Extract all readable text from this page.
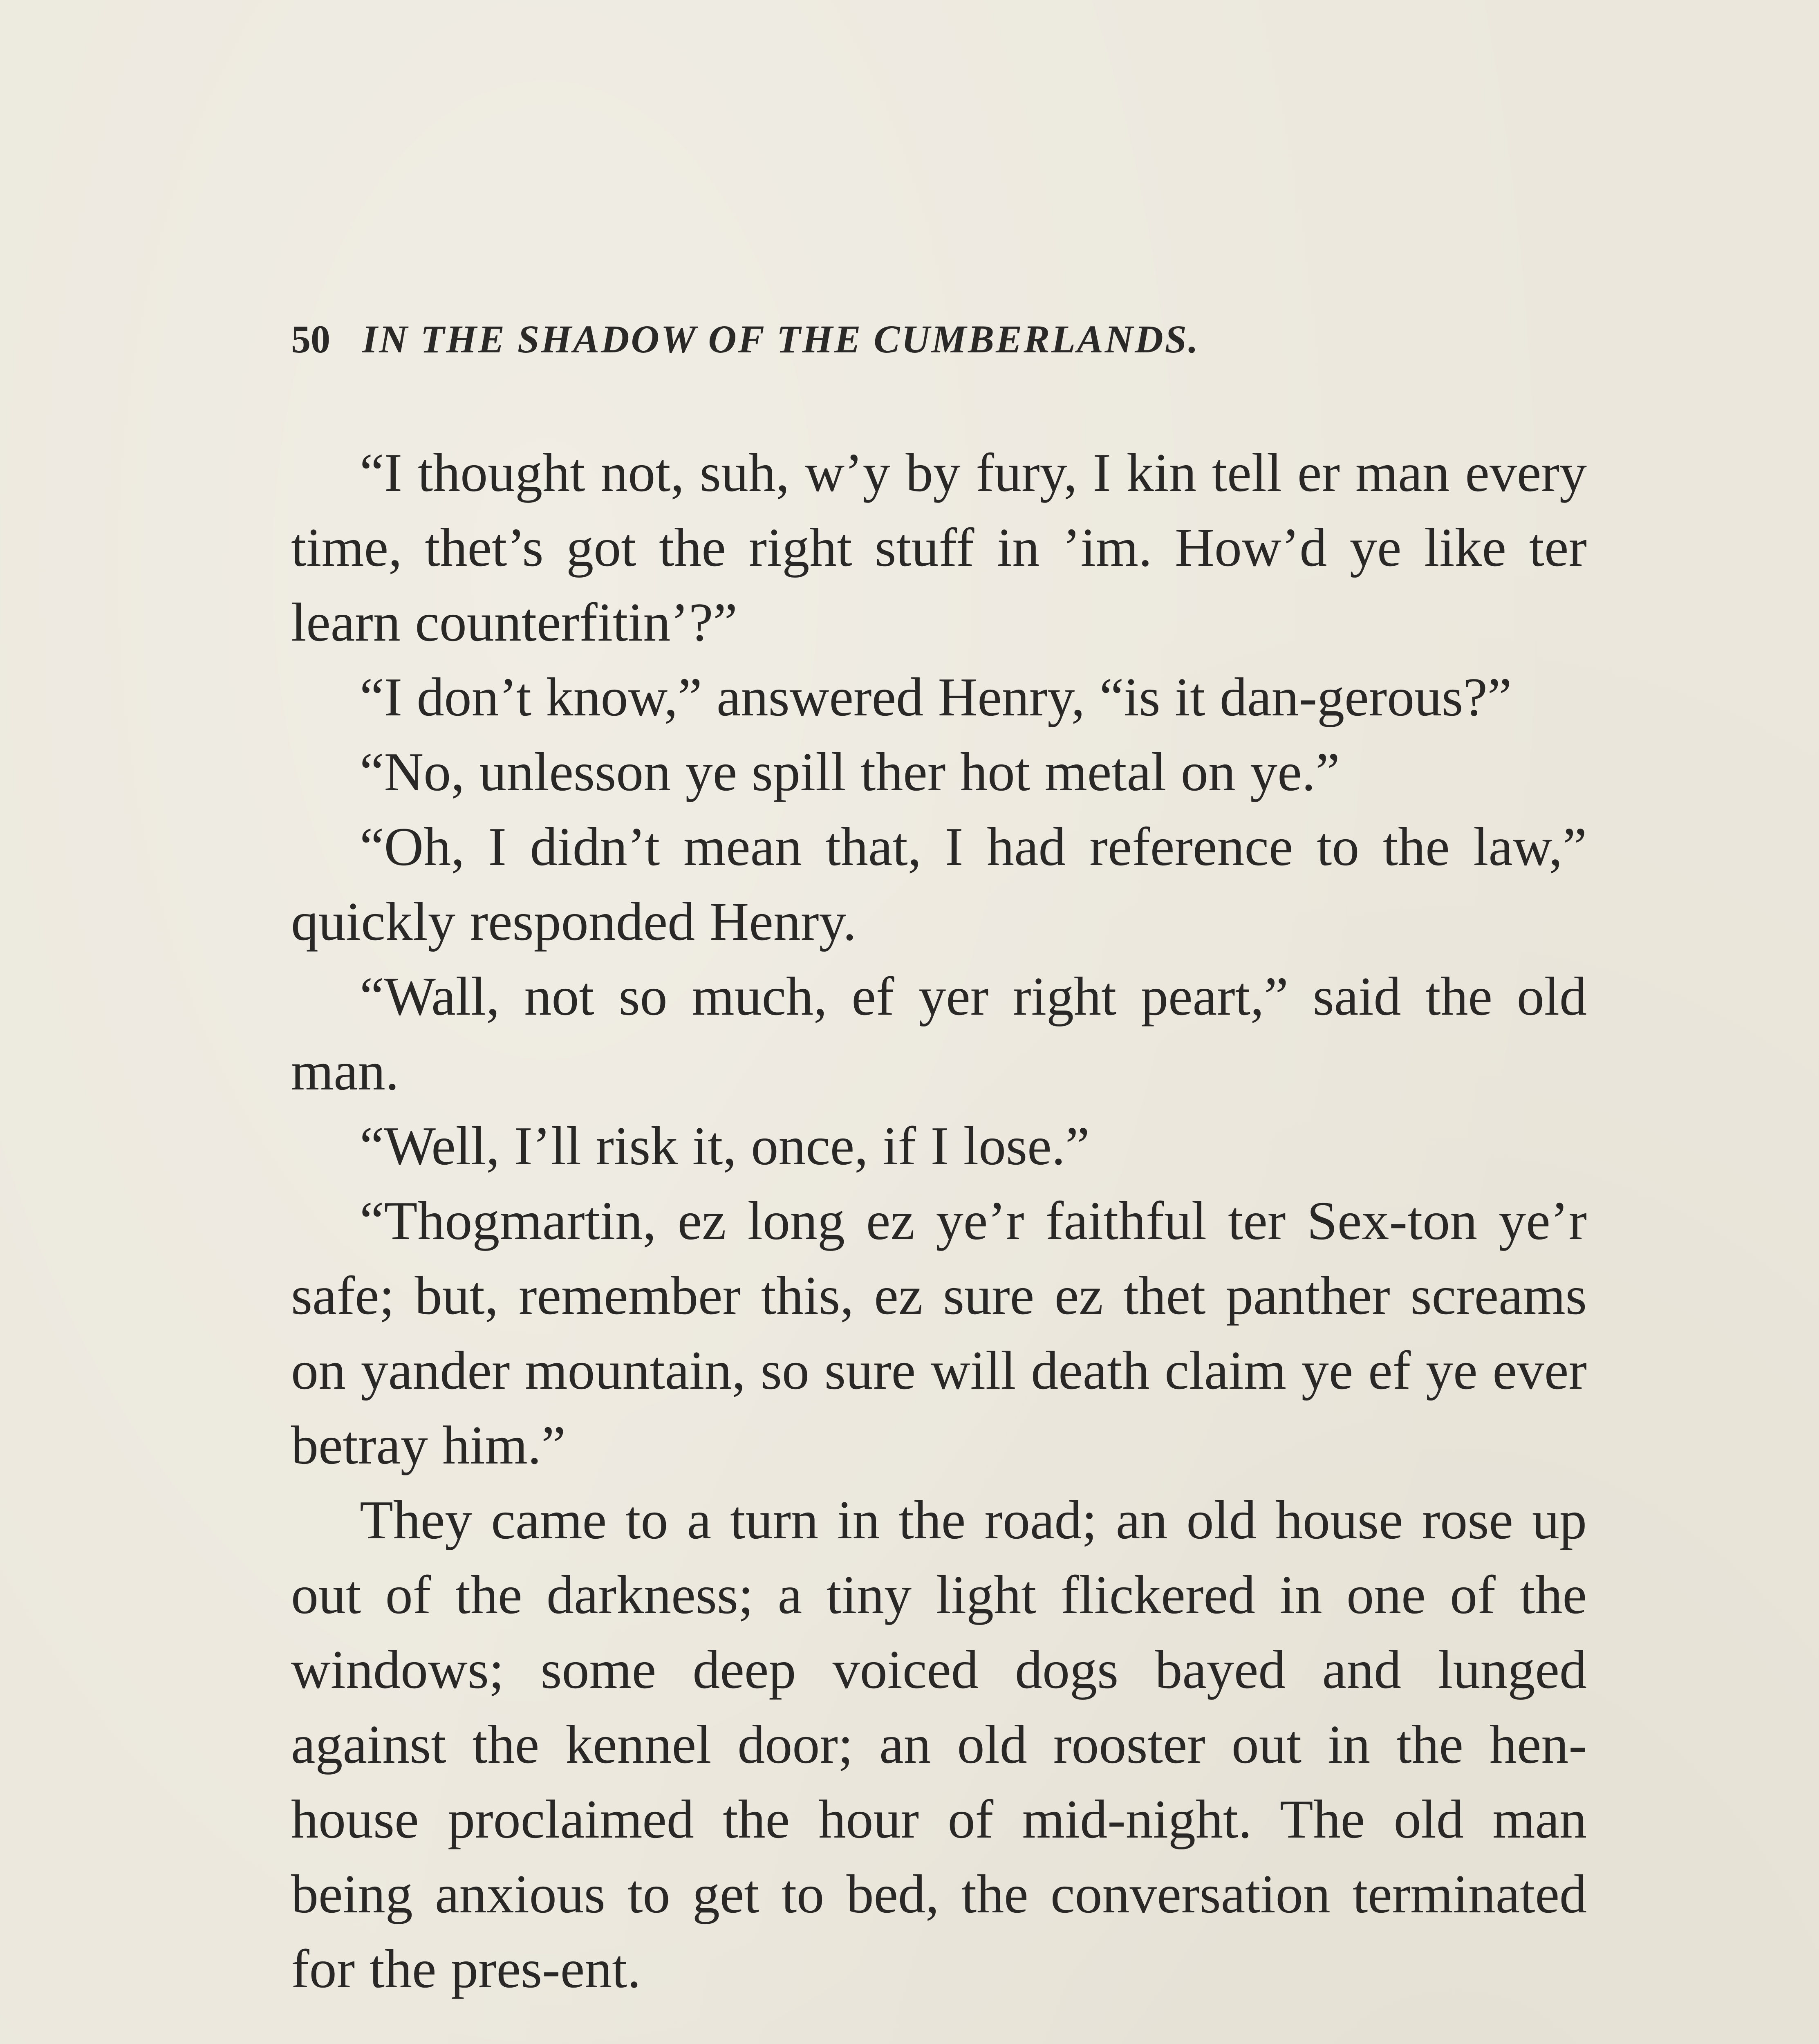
50 IN THE SHADOW OF THE CUMBERLANDS.

“I thought not, suh, w’y by fury, I kin tell er man every time, thet’s got the right stuff in ’im. How’d ye like ter learn counterfitin’?”

“I don’t know,” answered Henry, “is it dan-gerous?”

“No, unlesson ye spill ther hot metal on ye.”

“Oh, I didn’t mean that, I had reference to the law,” quickly responded Henry.

“Wall, not so much, ef yer right peart,” said the old man.

“Well, I’ll risk it, once, if I lose.”

“Thogmartin, ez long ez ye’r faithful ter Sex-ton ye’r safe; but, remember this, ez sure ez thet panther screams on yander mountain, so sure will death claim ye ef ye ever betray him.”

They came to a turn in the road; an old house rose up out of the darkness; a tiny light flickered in one of the windows; some deep voiced dogs bayed and lunged against the kennel door; an old rooster out in the hen-house proclaimed the hour of mid-night. The old man being anxious to get to bed, the conversation terminated for the pres-ent.
